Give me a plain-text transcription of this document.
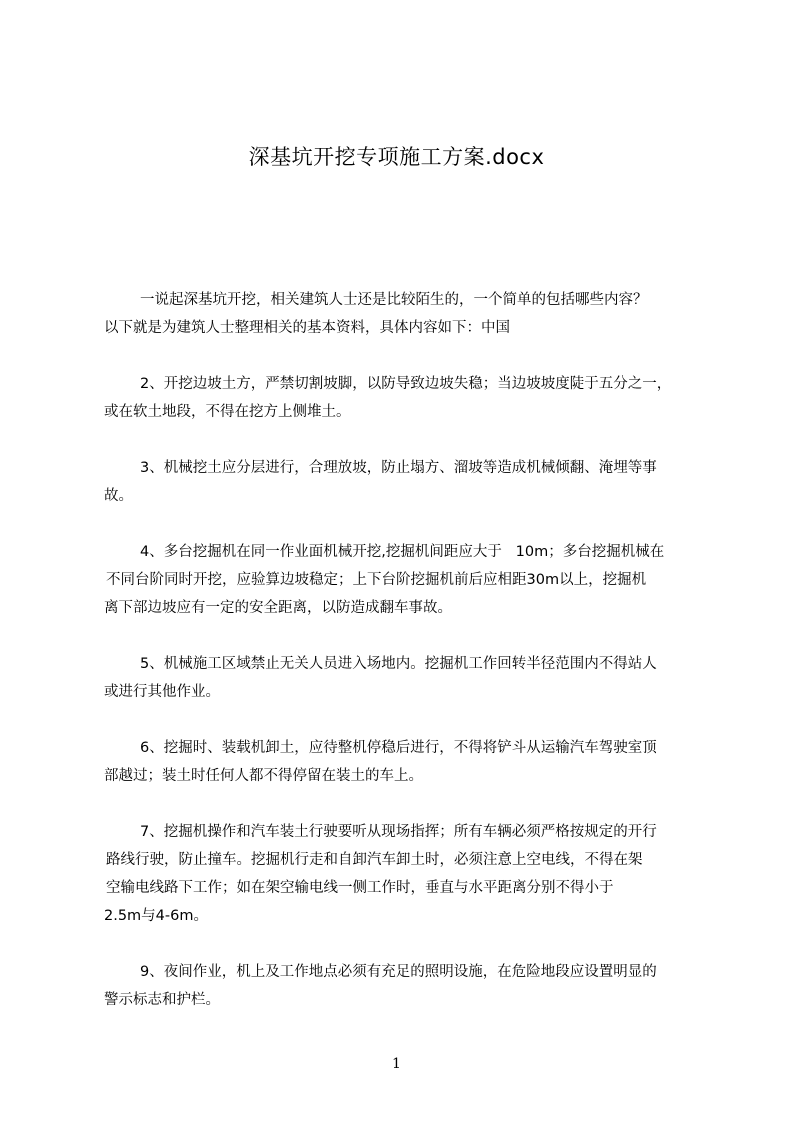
深基坑开挖专项施工方案.docx

一说起深基坑开挖，相关建筑人士还是比较陌生的，一个简单的包括哪些内容？
以下就是为建筑人士整理相关的基本资料，具体内容如下：中国

2、开挖边坡土方，严禁切割坡脚，以防导致边坡失稳；当边坡坡度陡于五分之一，
或在软土地段，不得在挖方上侧堆土。

3、机械挖土应分层进行，合理放坡，防止塌方、溜坡等造成机械倾翻、淹埋等事
故。

4、多台挖掘机在同一作业面机械开挖,挖掘机间距应大于   10m；多台挖掘机械在
不同台阶同时开挖，应验算边坡稳定；上下台阶挖掘机前后应相距30m以上，挖掘机
离下部边坡应有一定的安全距离，以防造成翻车事故。

5、机械施工区域禁止无关人员进入场地内。挖掘机工作回转半径范围内不得站人
或进行其他作业。

6、挖掘时、装载机卸土，应待整机停稳后进行，不得将铲斗从运输汽车驾驶室顶
部越过；装土时任何人都不得停留在装土的车上。

7、挖掘机操作和汽车装土行驶要听从现场指挥；所有车辆必须严格按规定的开行
路线行驶，防止撞车。挖掘机行走和自卸汽车卸土时，必须注意上空电线，不得在架
空输电线路下工作；如在架空输电线一侧工作时，垂直与水平距离分别不得小于
2.5m与4-6m。

9、夜间作业，机上及工作地点必须有充足的照明设施，在危险地段应设置明显的
警示标志和护栏。

1
